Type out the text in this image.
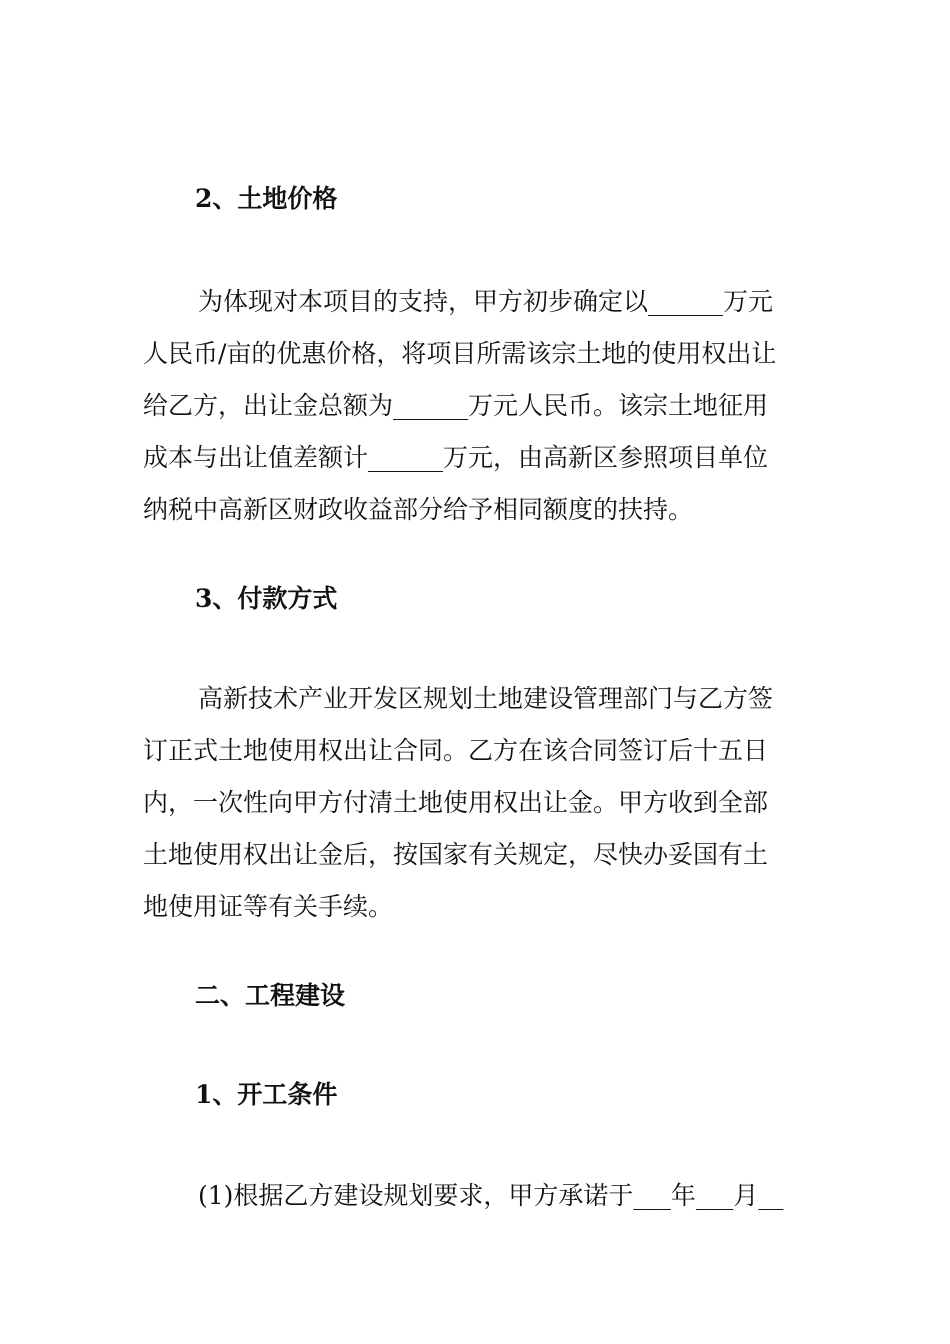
2、土地价格
为体现对本项目的支持，甲方初步确定以______万元
人民币/亩的优惠价格，将项目所需该宗土地的使用权出让
给乙方，出让金总额为______万元人民币。该宗土地征用
成本与出让值差额计______万元，由高新区参照项目单位
纳税中高新区财政收益部分给予相同额度的扶持。
3、付款方式
高新技术产业开发区规划土地建设管理部门与乙方签
订正式土地使用权出让合同。乙方在该合同签订后十五日
内，一次性向甲方付清土地使用权出让金。甲方收到全部
土地使用权出让金后，按国家有关规定，尽快办妥国有土
地使用证等有关手续。
二、工程建设
1、开工条件
(1)根据乙方建设规划要求，甲方承诺于___年___月__
